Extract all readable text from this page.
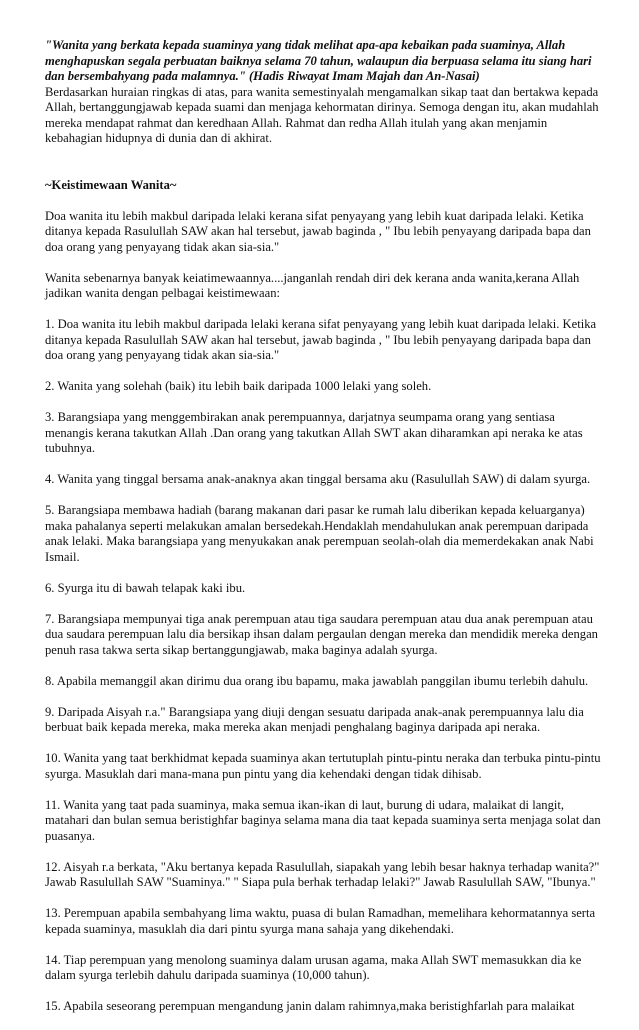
"Wanita yang berkata kepada suaminya yang tidak melihat apa-apa kebaikan pada suaminya, Allah menghapuskan segala perbuatan baiknya selama 70 tahun, walaupun dia berpuasa selama itu siang hari dan bersembahyang pada malamnya." (Hadis Riwayat Imam Majah dan An-Nasai)

Berdasarkan huraian ringkas di atas, para wanita semestinyalah mengamalkan sikap taat dan bertakwa kepada Allah, bertanggungjawab kepada suami dan menjaga kehormatan dirinya. Semoga dengan itu, akan mudahlah mereka mendapat rahmat dan keredhaan Allah. Rahmat dan redha Allah itulah yang akan menjamin kebahagian hidupnya di dunia dan di akhirat.

~Keistimewaan Wanita~

Doa wanita itu lebih makbul daripada lelaki kerana sifat penyayang yang lebih kuat daripada lelaki. Ketika ditanya kepada Rasulullah SAW akan hal tersebut, jawab baginda , " Ibu lebih penyayang daripada bapa dan doa orang yang penyayang tidak akan sia-sia."

Wanita sebenarnya banyak keiatimewaannya....janganlah rendah diri dek kerana anda wanita,kerana Allah jadikan wanita dengan pelbagai keistimewaan:

1. Doa wanita itu lebih makbul daripada lelaki kerana sifat penyayang yang lebih kuat daripada lelaki. Ketika ditanya kepada Rasulullah SAW akan hal tersebut, jawab baginda , " Ibu lebih penyayang daripada bapa dan doa orang yang penyayang tidak akan sia-sia."

2. Wanita yang solehah (baik) itu lebih baik daripada 1000 lelaki yang soleh.

3. Barangsiapa yang menggembirakan anak perempuannya, darjatnya seumpama orang yang sentiasa menangis kerana takutkan Allah .Dan orang yang takutkan Allah SWT akan diharamkan api neraka ke atas tubuhnya.

4. Wanita yang tinggal bersama anak-anaknya akan tinggal bersama aku (Rasulullah SAW) di dalam syurga.

5. Barangsiapa membawa hadiah (barang makanan dari pasar ke rumah lalu diberikan kepada keluarganya) maka pahalanya seperti melakukan amalan bersedekah.Hendaklah mendahulukan anak perempuan daripada anak lelaki. Maka barangsiapa yang menyukakan anak perempuan seolah-olah dia memerdekakan anak Nabi Ismail.

6. Syurga itu di bawah telapak kaki ibu.

7. Barangsiapa mempunyai tiga anak perempuan atau tiga saudara perempuan atau dua anak perempuan atau dua saudara perempuan lalu dia bersikap ihsan dalam pergaulan dengan mereka dan mendidik mereka dengan penuh rasa takwa serta sikap bertanggungjawab, maka baginya adalah syurga.

8. Apabila memanggil akan dirimu dua orang ibu bapamu, maka jawablah panggilan ibumu terlebih dahulu.

9. Daripada Aisyah r.a." Barangsiapa yang diuji dengan sesuatu daripada anak-anak perempuannya lalu dia berbuat baik kepada mereka, maka mereka akan menjadi penghalang baginya daripada api neraka.

10. Wanita yang taat berkhidmat kepada suaminya akan tertutuplah pintu-pintu neraka dan terbuka pintu-pintu syurga. Masuklah dari mana-mana pun pintu yang dia kehendaki dengan tidak dihisab.

11. Wanita yang taat pada suaminya, maka semua ikan-ikan di laut, burung di udara, malaikat di langit, matahari dan bulan semua beristighfar baginya selama mana dia taat kepada suaminya serta menjaga solat dan puasanya.

12. Aisyah r.a berkata, "Aku bertanya kepada Rasulullah, siapakah yang lebih besar haknya terhadap wanita?" Jawab Rasulullah SAW "Suaminya." " Siapa pula berhak terhadap lelaki?" Jawab Rasulullah SAW, "Ibunya."

13. Perempuan apabila sembahyang lima waktu, puasa di bulan Ramadhan, memelihara kehormatannya serta kepada suaminya, masuklah dia dari pintu syurga mana sahaja yang dikehendaki.

14. Tiap perempuan yang menolong suaminya dalam urusan agama, maka Allah SWT memasukkan dia ke dalam syurga terlebih dahulu daripada suaminya (10,000 tahun).

15. Apabila seseorang perempuan mengandung janin dalam rahimnya,maka beristighfarlah para malaikat
